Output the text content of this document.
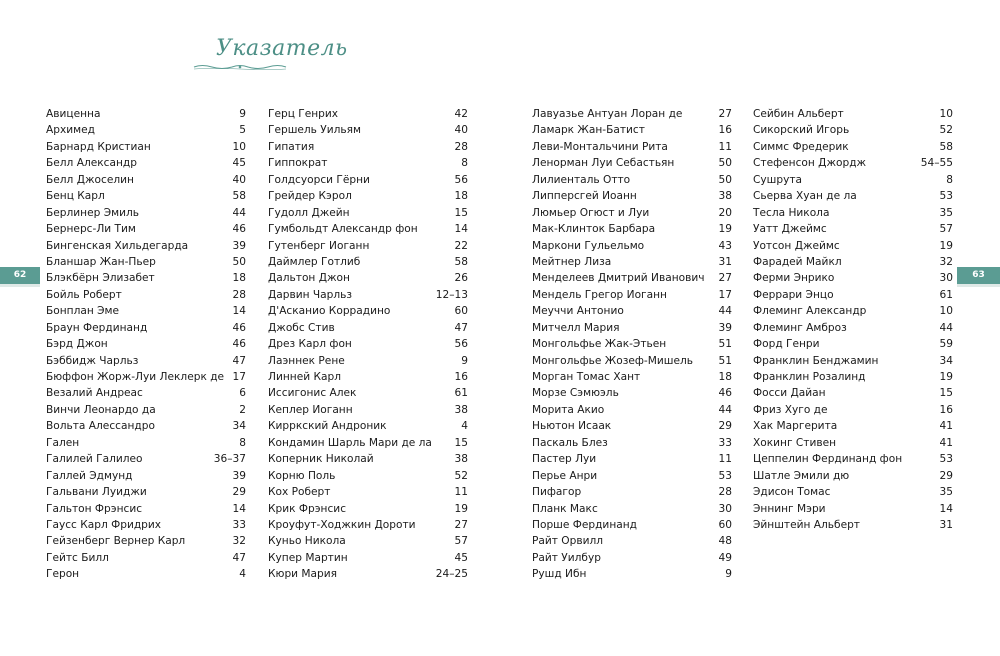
Указатель
62	63
Авиценна	9
Архимед	5
Барнард Кристиан	10
Белл Александр	45
Белл Джоселин	40
Бенц Карл	58
Берлинер Эмиль	44
Бернерс-Ли Тим	46
Бингенская Хильдегарда	39
Бланшар Жан-Пьер	50
Блэкбёрн Элизабет	18
Бойль Роберт	28
Бонплан Эме	14
Браун Фердинанд	46
Бэрд Джон	46
Бэббидж Чарльз	47
Бюффон Жорж-Луи Леклерк де 17
Везалий Андреас	6
Винчи Леонардо да	2
Вольта Алессандро	34
Гален	8
Галилей Галилео	36–37
Галлей Эдмунд	39
Гальвани Луиджи	29
Гальтон Фрэнсис	14
Гаусс Карл Фридрих	33
Гейзенберг Вернер Карл	32
Гейтс Билл	47
Герон	4
Герц Генрих	42
Гершель Уильям	40
Гипатия	28
Гиппократ	8
Голдсуорси Гёрни	56
Грейдер Кэрол	18
Гудолл Джейн	15
Гумбольдт Александр фон	14
Гутенберг Иоганн	22
Даймлер Готлиб	58
Дальтон Джон	26
Дарвин Чарльз	12–13
Д'Асканио Коррадино	60
Джобс Стив	47
Дрез Карл фон	56
Лаэннек Рене	9
Линней Карл	16
Иссигонис Алек	61
Кеплер Иоганн	38
Кирркский Андроник	4
Кондамин Шарль Мари де ла 15
Коперник Николай	38
Корню Поль	52
Кох Роберт	11
Крик Фрэнсис	19
Кроуфут-Ходжкин Дороти	27
Куньо Никола	57
Купер Мартин	45
Кюри Мария	24–25
Лавуазье Антуан Лоран де	27
Ламарк Жан-Батист	16
Леви-Монтальчини Рита	11
Ленорман Луи Себастьян	50
Лилиенталь Отто	50
Липперсгей Иоанн	38
Люмьер Огюст и Луи	20
Мак-Клинток Барбара	19
Маркони Гульельмо	43
Мейтнер Лиза	31
Менделеев Дмитрий Иванович 27
Мендель Грегор Иоганн	17
Меуччи Антонио	44
Митчелл Мария	39
Монгольфье Жак-Этьен	51
Монгольфье Жозеф-Мишель 51
Морган Томас Хант	18
Морзе Сэмюэль	46
Морита Акио	44
Ньютон Исаак	29
Паскаль Блез	33
Пастер Луи	11
Перье Анри	53
Пифагор	28
Планк Макс	30
Порше Фердинанд	60
Райт Орвилл	48
Райт Уилбур	49
Рушд Ибн	9
Сейбин Альберт	10
Сикорский Игорь	52
Симмс Фредерик	58
Стефенсон Джордж	54–55
Сушрута	8
Сьерва Хуан де ла	53
Тесла Никола	35
Уатт Джеймс	57
Уотсон Джеймс	19
Фарадей Майкл	32
Ферми Энрико	30
Феррари Энцо	61
Флеминг Александр	10
Флеминг Амброз	44
Форд Генри	59
Франклин Бенджамин	34
Франклин Розалинд	19
Фосси Дайан	15
Фриз Хуго де	16
Хак Маргерита	41
Хокинг Стивен	41
Цеппелин Фердинанд фон	53
Шатле Эмили дю	29
Эдисон Томас	35
Эннинг Мэри	14
Эйнштейн Альберт	31
